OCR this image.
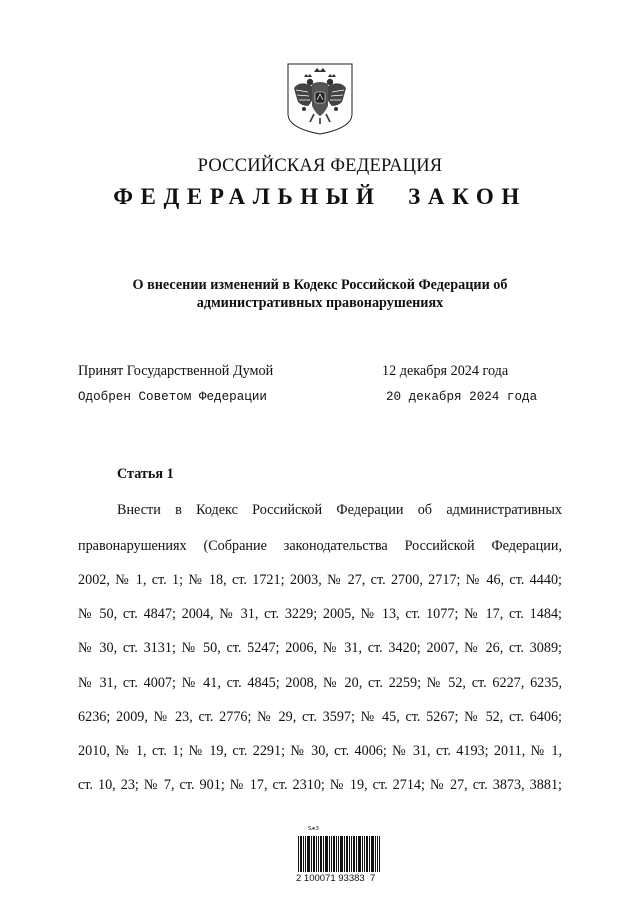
РОССИЙСКАЯ ФЕДЕРАЦИЯ
ФЕДЕРАЛЬНЫЙ  ЗАКОН
О внесении изменений в Кодекс Российской Федерации об
административных правонарушениях
Принят Государственной Думой	12 декабря 2024 года
Одобрен Советом Федерации	20 декабря 2024 года
Статья 1
Внести в Кодекс Российской Федерации об административных
правонарушениях (Собрание законодательства Российской Федерации,
2002, № 1, ст. 1; № 18, ст. 1721; 2003, № 27, ст. 2700, 2717; № 46, ст. 4440;
№ 50, ст. 4847; 2004, № 31, ст. 3229; 2005, № 13, ст. 1077; № 17, ст. 1484;
№ 30, ст. 3131; № 50, ст. 5247; 2006, № 31, ст. 3420; 2007, № 26, ст. 3089;
№ 31, ст. 4007; № 41, ст. 4845; 2008, № 20, ст. 2259; № 52, ст. 6227, 6235,
6236; 2009, № 23, ст. 2776; № 29, ст. 3597; № 45, ст. 5267; № 52, ст. 6406;
2010, № 1, ст. 1; № 19, ст. 2291; № 30, ст. 4006; № 31, ст. 4193; 2011, № 1,
ст. 10, 23; № 7, ст. 901; № 17, ст. 2310; № 19, ст. 2714; № 27, ст. 3873, 3881;
Ѕж3
2 100071 93383  7
